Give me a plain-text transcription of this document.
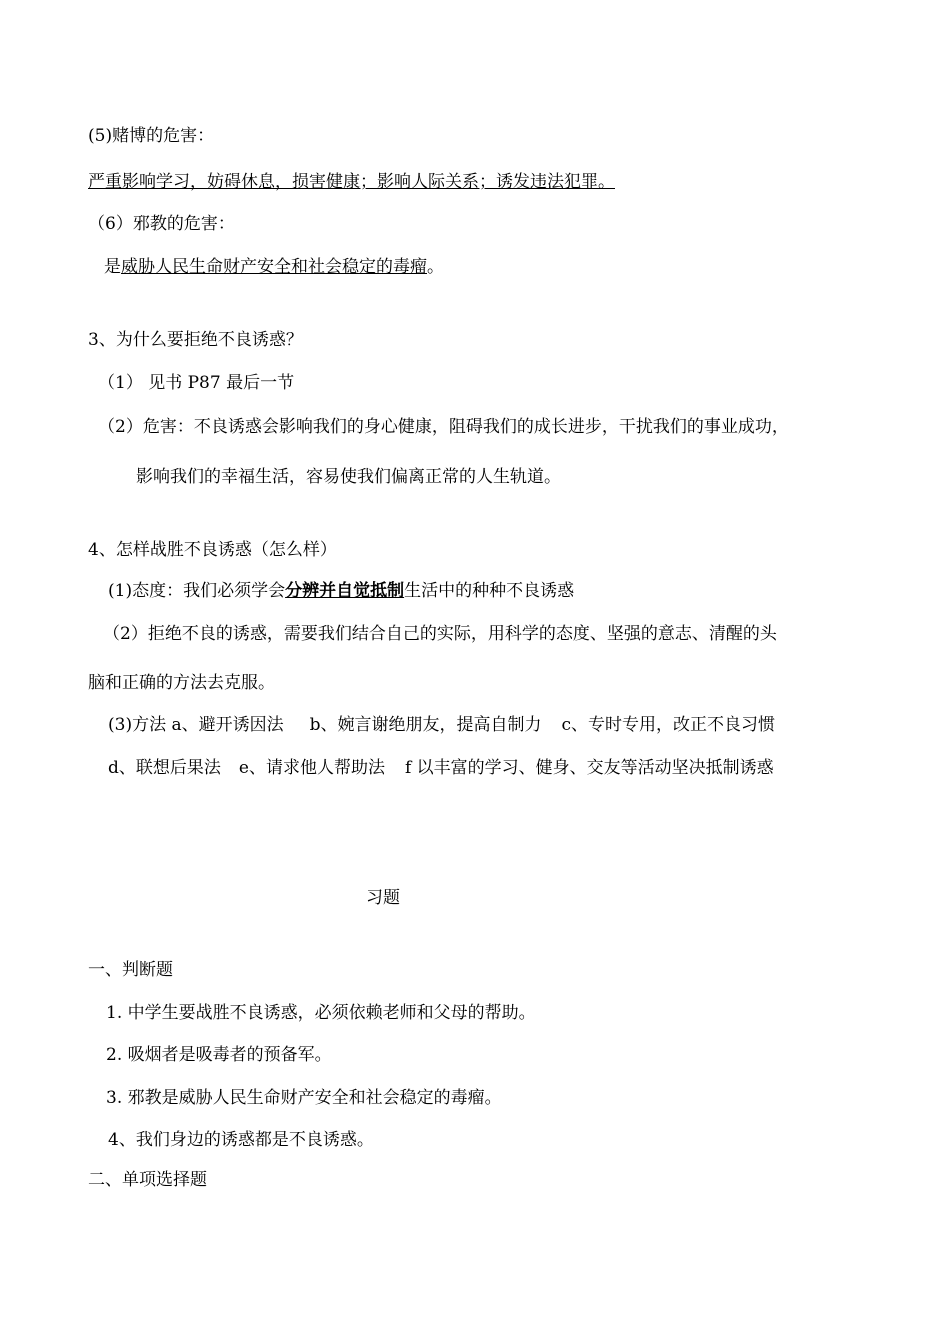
(5)赌博的危害：
严重影响学习，妨碍休息，损害健康；影响人际关系；诱发违法犯罪。
（6）邪教的危害：
是威胁人民生命财产安全和社会稳定的毒瘤。
3、为什么要拒绝不良诱惑？
（1） 见书 P87 最后一节
（2）危害：不良诱惑会影响我们的身心健康，阻碍我们的成长进步，干扰我们的事业成功，
影响我们的幸福生活，容易使我们偏离正常的人生轨道。
4、怎样战胜不良诱惑（怎么样）
(1)态度：我们必须学会分辨并自觉抵制生活中的种种不良诱惑
（2）拒绝不良的诱惑，需要我们结合自己的实际，用科学的态度、坚强的意志、清醒的头
脑和正确的方法去克服。
(3)方法 a、避开诱因法 b、婉言谢绝朋友，提高自制力 c、专时专用，改正不良习惯
d、联想后果法 e、请求他人帮助法 f 以丰富的学习、健身、交友等活动坚决抵制诱惑
习题
一、判断题
1. 中学生要战胜不良诱惑，必须依赖老师和父母的帮助。
2. 吸烟者是吸毒者的预备军。
3. 邪教是威胁人民生命财产安全和社会稳定的毒瘤。
4、我们身边的诱惑都是不良诱惑。
二、单项选择题
